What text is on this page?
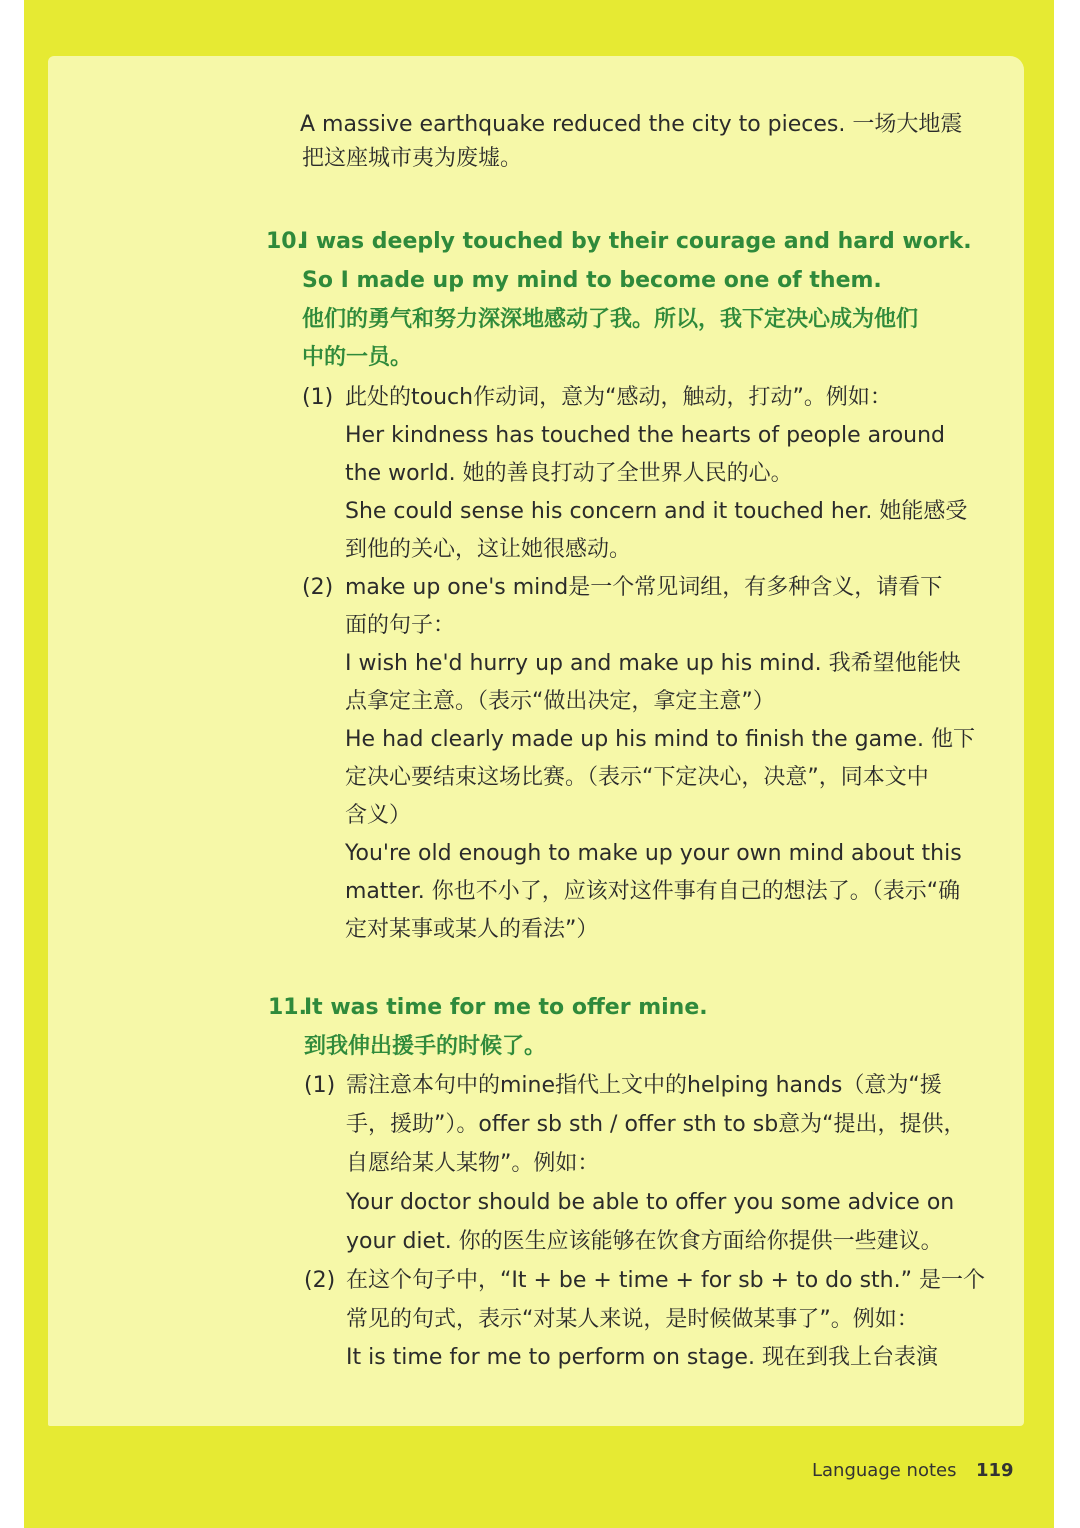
A massive earthquake reduced the city to pieces. 一场大地震
把这座城市夷为废墟。
10.
I was deeply touched by their courage and hard work.
So I made up my mind to become one of them.
他们的勇气和努力深深地感动了我。所以，我下定决心成为他们
中的一员。
(1) 此处的touch作动词，意为“感动，触动，打动”。例如：
Her kindness has touched the hearts of people around
the world. 她的善良打动了全世界人民的心。
She could sense his concern and it touched her. 她能感受
到他的关心，这让她很感动。
(2) make up one's mind是一个常见词组，有多种含义，请看下
面的句子：
I wish he'd hurry up and make up his mind. 我希望他能快
点拿定主意。（表示“做出决定，拿定主意”）
He had clearly made up his mind to finish the game. 他下
定决心要结束这场比赛。（表示“下定决心，决意”，同本文中
含义）
You're old enough to make up your own mind about this
matter. 你也不小了，应该对这件事有自己的想法了。（表示“确
定对某事或某人的看法”）
11.
It was time for me to offer mine.
到我伸出援手的时候了。
(1) 需注意本句中的mine指代上文中的helping hands（意为“援
手，援助”）。offer sb sth / offer sth to sb意为“提出，提供，
自愿给某人某物”。例如：
Your doctor should be able to offer you some advice on
your diet. 你的医生应该能够在饮食方面给你提供一些建议。
(2) 在这个句子中，“It + be + time + for sb + to do sth.” 是一个
常见的句式，表示“对某人来说，是时候做某事了”。例如：
It is time for me to perform on stage. 现在到我上台表演
Language notes 119
